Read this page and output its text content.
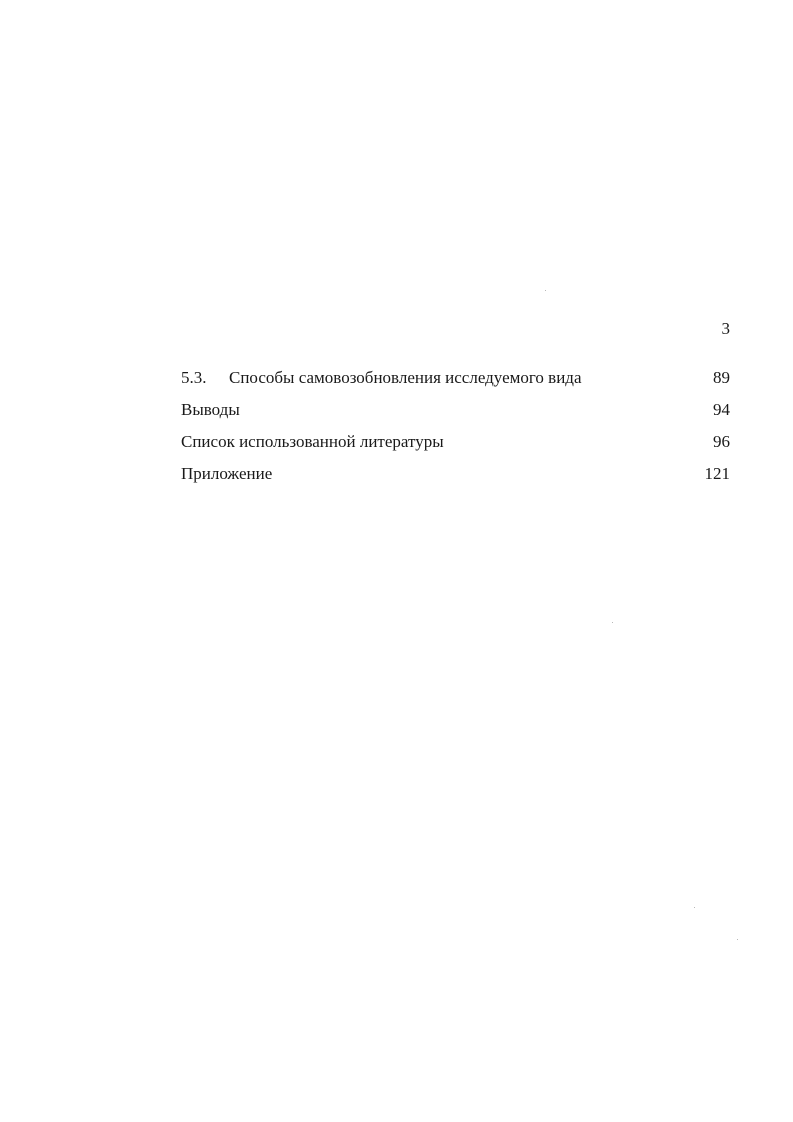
3
5.3.	Способы самовозобновления исследуемого вида	89
Выводы	94
Список использованной литературы	96
Приложение	121
